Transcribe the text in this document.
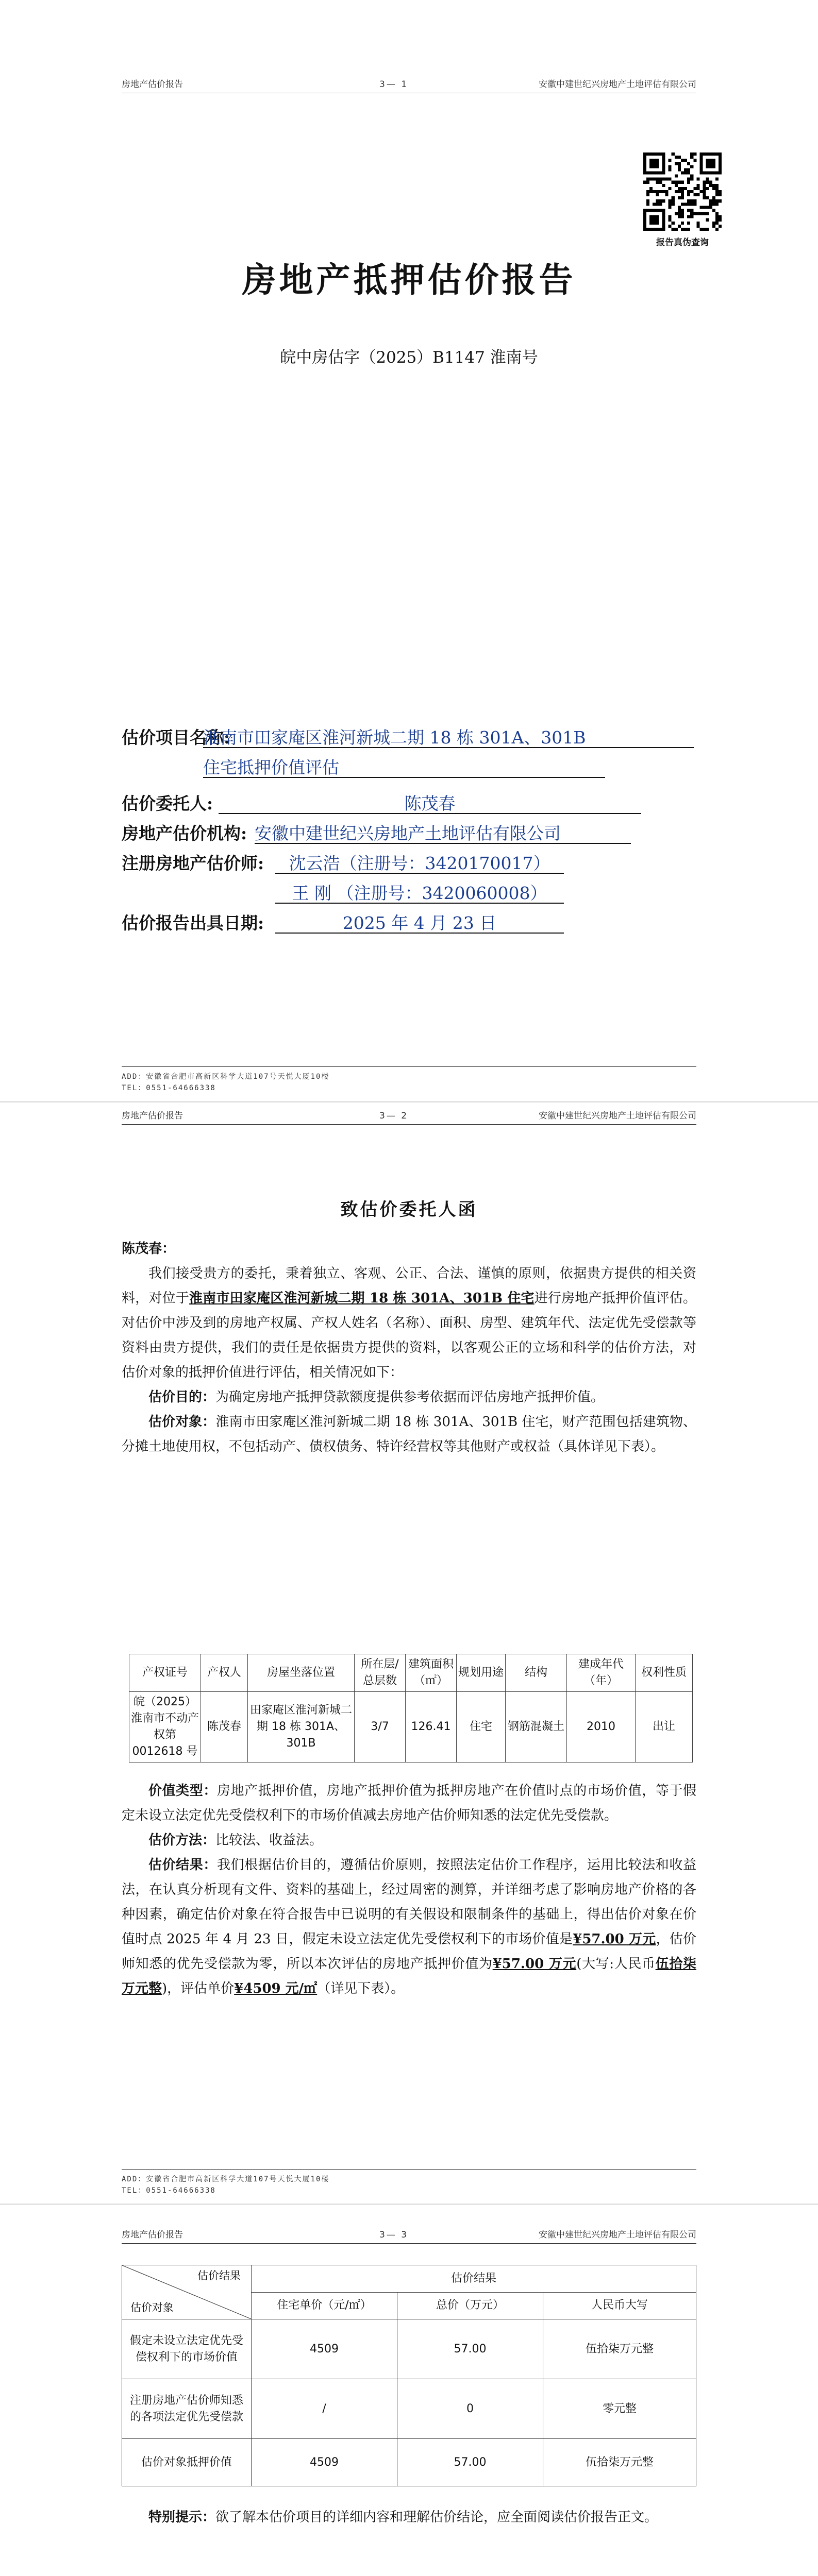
房地产估价报告	3— 1	安徽中建世纪兴房地产土地评估有限公司
报告真伪查询
房地产抵押估价报告
皖中房估字（2025）B1147 淮南号
估价项目名称:
淮南市田家庵区淮河新城二期 18 栋 301A、301B
住宅抵押价值评估
估价委托人:	陈茂春
房地产估价机构: 安徽中建世纪兴房地产土地评估有限公司
注册房地产估价师:	沈云浩（注册号：3420170017）
王 刚 （注册号：3420060008）
估价报告出具日期:	2025 年 4 月 23 日
ADD：安徽省合肥市高新区科学大道107号天悦大厦10楼
TEL：0551-64666338
房地产估价报告	3— 2	安徽中建世纪兴房地产土地评估有限公司
致估价委托人函

陈茂春：

我们接受贵方的委托，秉着独立、客观、公正、合法、谨慎的原则，依据贵方提供的相关资料，对位于淮南市田家庵区淮河新城二期 18 栋 301A、301B 住宅进行房地产抵押价值评估。对估价中涉及到的房地产权属、产权人姓名（名称）、面积、房型、建筑年代、法定优先受偿款等资料由贵方提供，我们的责任是依据贵方提供的资料，以客观公正的立场和科学的估价方法，对估价对象的抵押价值进行评估，相关情况如下：

估价目的：为确定房地产抵押贷款额度提供参考依据而评估房地产抵押价值。

估价对象：淮南市田家庵区淮河新城二期 18 栋 301A、301B 住宅，财产范围包括建筑物、分摊土地使用权，不包括动产、债权债务、特许经营权等其他财产或权益（具体详见下表）。

产权证号	产权人	房屋坐落位置	所在层/总层数	建筑面积（㎡）	规划用途	结构	建成年代（年）	权利性质
皖（2025）淮南市不动产权第 0012618 号	陈茂春	田家庵区淮河新城二期 18 栋 301A、301B	3/7	126.41	住宅	钢筋混凝土	2010	出让

价值类型：房地产抵押价值，房地产抵押价值为抵押房地产在价值时点的市场价值，等于假定未设立法定优先受偿权利下的市场价值减去房地产估价师知悉的法定优先受偿款。

估价方法：比较法、收益法。

估价结果：我们根据估价目的，遵循估价原则，按照法定估价工作程序，运用比较法和收益法，在认真分析现有文件、资料的基础上，经过周密的测算，并详细考虑了影响房地产价格的各种因素，确定估价对象在符合报告中已说明的有关假设和限制条件的基础上，得出估价对象在价值时点 2025 年 4 月 23 日，假定未设立法定优先受偿权利下的市场价值是¥57.00 万元，估价师知悉的优先受偿款为零，所以本次评估的房地产抵押价值为¥57.00 万元(大写:人民币伍拾柒万元整)，评估单价¥4509 元/㎡（详见下表）。

ADD：安徽省合肥市高新区科学大道107号天悦大厦10楼
TEL：0551-64666338
房地产估价报告	3— 3	安徽中建世纪兴房地产土地评估有限公司
估价结果
估价对象	估价结果		
	住宅单价（元/㎡）	总价（万元）	人民币大写
假定未设立法定优先受偿权利下的市场价值	4509	57.00	伍拾柒万元整
注册房地产估价师知悉的各项法定优先受偿款	/	0	零元整
估价对象抵押价值	4509	57.00	伍拾柒万元整

特别提示：欲了解本估价项目的详细内容和理解估价结论，应全面阅读估价报告正文。
